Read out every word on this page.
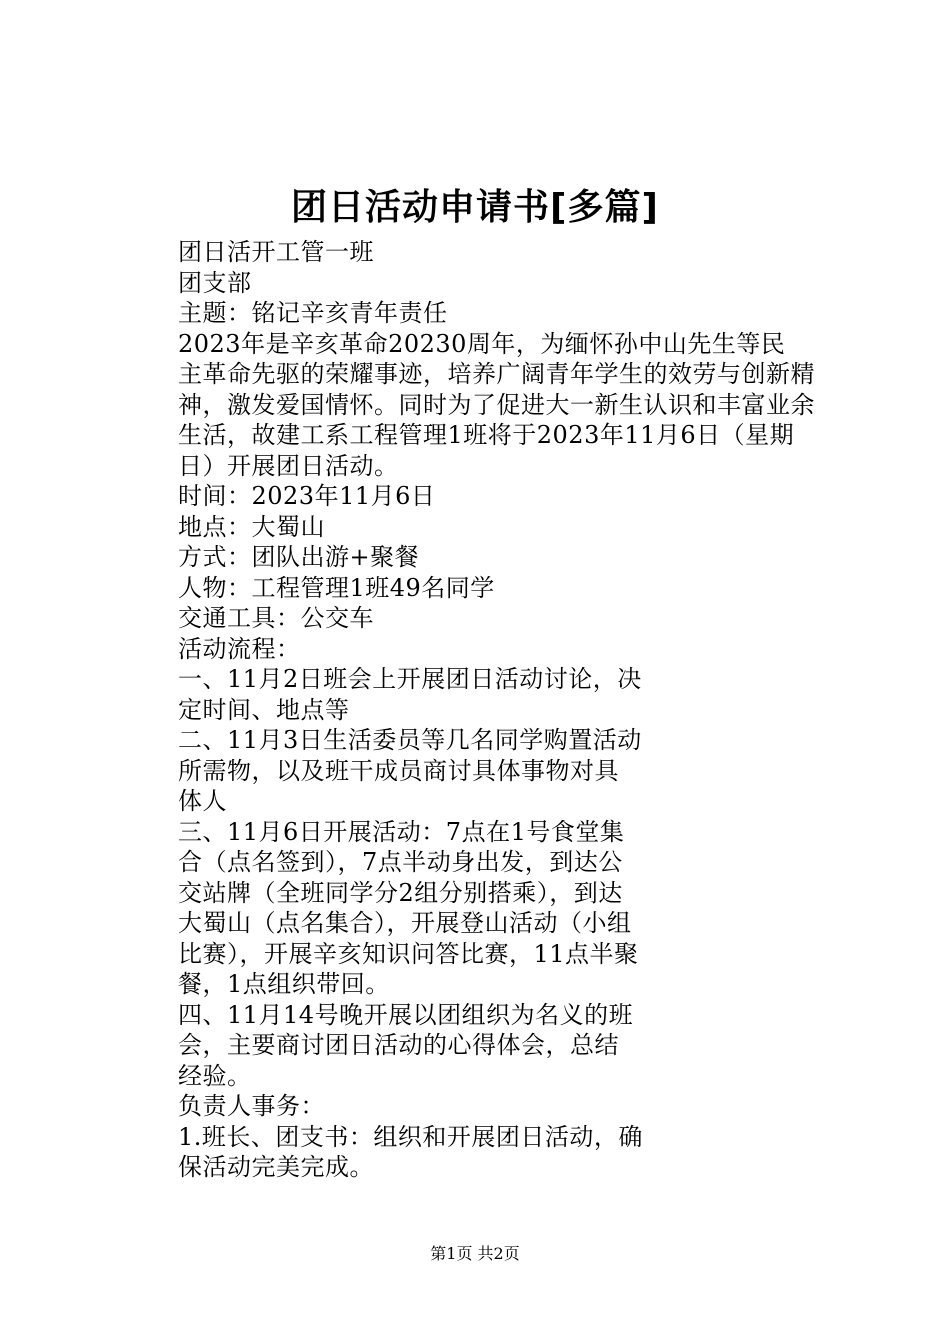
团日活动申请书[多篇]
团日活开工管一班
团支部
主题：铭记辛亥青年责任
2023年是辛亥革命20230周年，为缅怀孙中山先生等民
主革命先驱的荣耀事迹，培养广阔青年学生的效劳与创新精
神，激发爱国情怀。同时为了促进大一新生认识和丰富业余
生活，故建工系工程管理1班将于2023年11月6日（星期
日）开展团日活动。
时间：2023年11月6日
地点：大蜀山
方式：团队出游+聚餐
人物：工程管理1班49名同学
交通工具：公交车
活动流程：
一、11月2日班会上开展团日活动讨论，决
定时间、地点等
二、11月3日生活委员等几名同学购置活动
所需物，以及班干成员商讨具体事物对具
体人
三、11月6日开展活动：7点在1号食堂集
合（点名签到），7点半动身出发，到达公
交站牌（全班同学分2组分别搭乘），到达
大蜀山（点名集合），开展登山活动（小组
比赛），开展辛亥知识问答比赛，11点半聚
餐，1点组织带回。
四、11月14号晚开展以团组织为名义的班
会，主要商讨团日活动的心得体会，总结
经验。
负责人事务：
1.班长、团支书：组织和开展团日活动，确
保活动完美完成。
第1页 共2页
